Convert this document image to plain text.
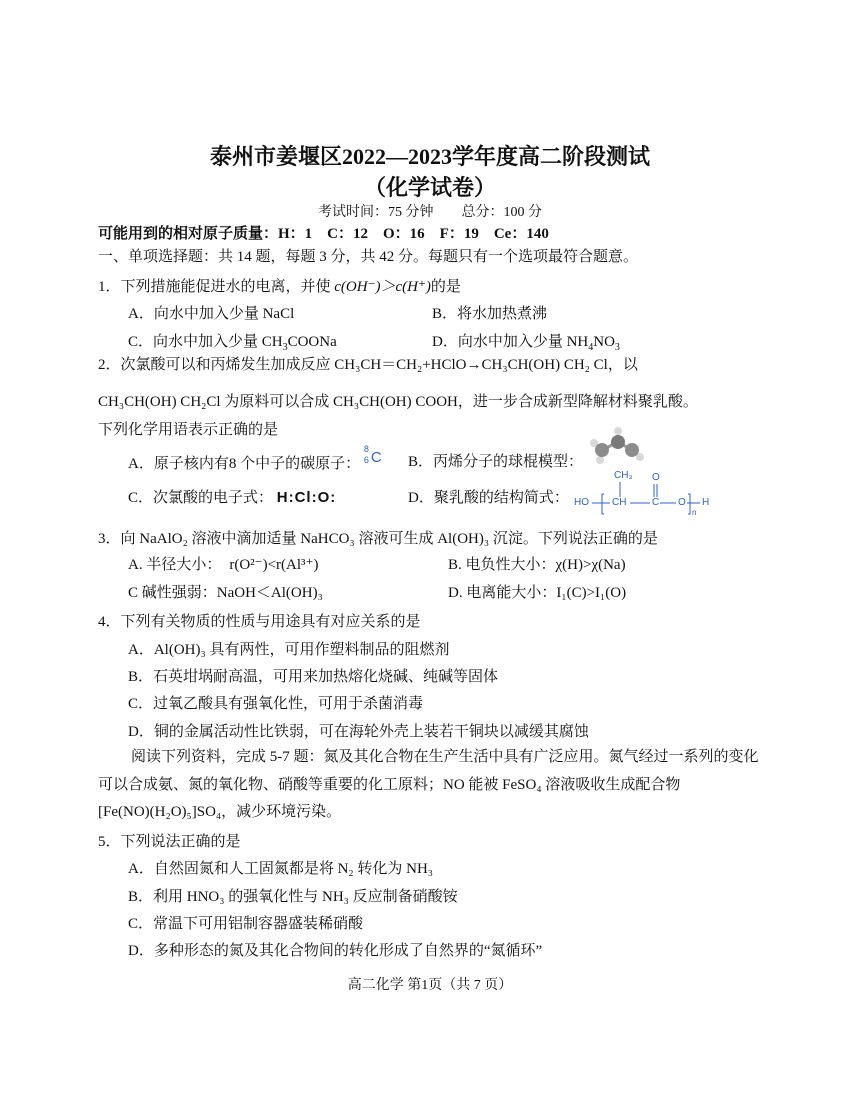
泰州市姜堰区2022—2023学年度高二阶段测试
（化学试卷）
考试时间：75 分钟　　总分：100 分
可能用到的相对原子质量：H：1　C：12　O：16　F：19　Ce：140
一、单项选择题：共 14 题，每题 3 分，共 42 分。每题只有一个选项最符合题意。
1．下列措施能促进水的电离，并使 c(OH⁻)＞c(H⁺)的是
A．向水中加入少量 NaCl	B．将水加热煮沸
C．向水中加入少量 $CH_3COONa$	D．向水中加入少量 $NH_4NO_3$
2．次氯酸可以和丙烯发生加成反应 CH₃CH＝CH₂+HClO→CH₃CH(OH) CH₂ Cl，以
CH₃CH(OH) CH₂Cl 为原料可以合成 CH₃CH(OH) COOH，进一步合成新型降解材料聚乳酸。
下列化学用语表示正确的是
A．原子核内有8 个中子的碳原子：
8
6 C B．丙烯分子的球棍模型：
C．次氯酸的电子式： H:Cl:O:	D．聚乳酸的结构简式：
CH₃ O
HO CH	C O H
n
3．向 NaAlO₂ 溶液中滴加适量 NaHCO₃ 溶液可生成 Al(OH)₃ 沉淀。下列说法正确的是
A. 半径大小： r(O²⁻)<r(Al³⁺)	B. 电负性大小：χ(H)>χ(Na)
C 碱性强弱：NaOH＜Al(OH)₃	D. 电离能大小：I₁(C)>I₁(O)
4．下列有关物质的性质与用途具有对应关系的是
A．Al(OH)₃ 具有两性，可用作塑料制品的阻燃剂
B．石英坩埚耐高温，可用来加热熔化烧碱、纯碱等固体
C．过氧乙酸具有强氧化性，可用于杀菌消毒
D．铜的金属活动性比铁弱，可在海轮外壳上装若干铜块以减缓其腐蚀
阅读下列资料，完成 5-7 题：氮及其化合物在生产生活中具有广泛应用。氮气经过一系列的变化
可以合成氨、氮的氧化物、硝酸等重要的化工原料；NO 能被 FeSO₄ 溶液吸收生成配合物
[Fe(NO)(H₂O)₅]SO₄，减少环境污染。
5．下列说法正确的是
A．自然固氮和人工固氮都是将 N₂ 转化为 NH₃
B．利用 HNO₃ 的强氧化性与 NH₃ 反应制备硝酸铵
C．常温下可用铝制容器盛装稀硝酸
D．多种形态的氮及其化合物间的转化形成了自然界的“氮循环”
高二化学 第1页（共 7 页）
